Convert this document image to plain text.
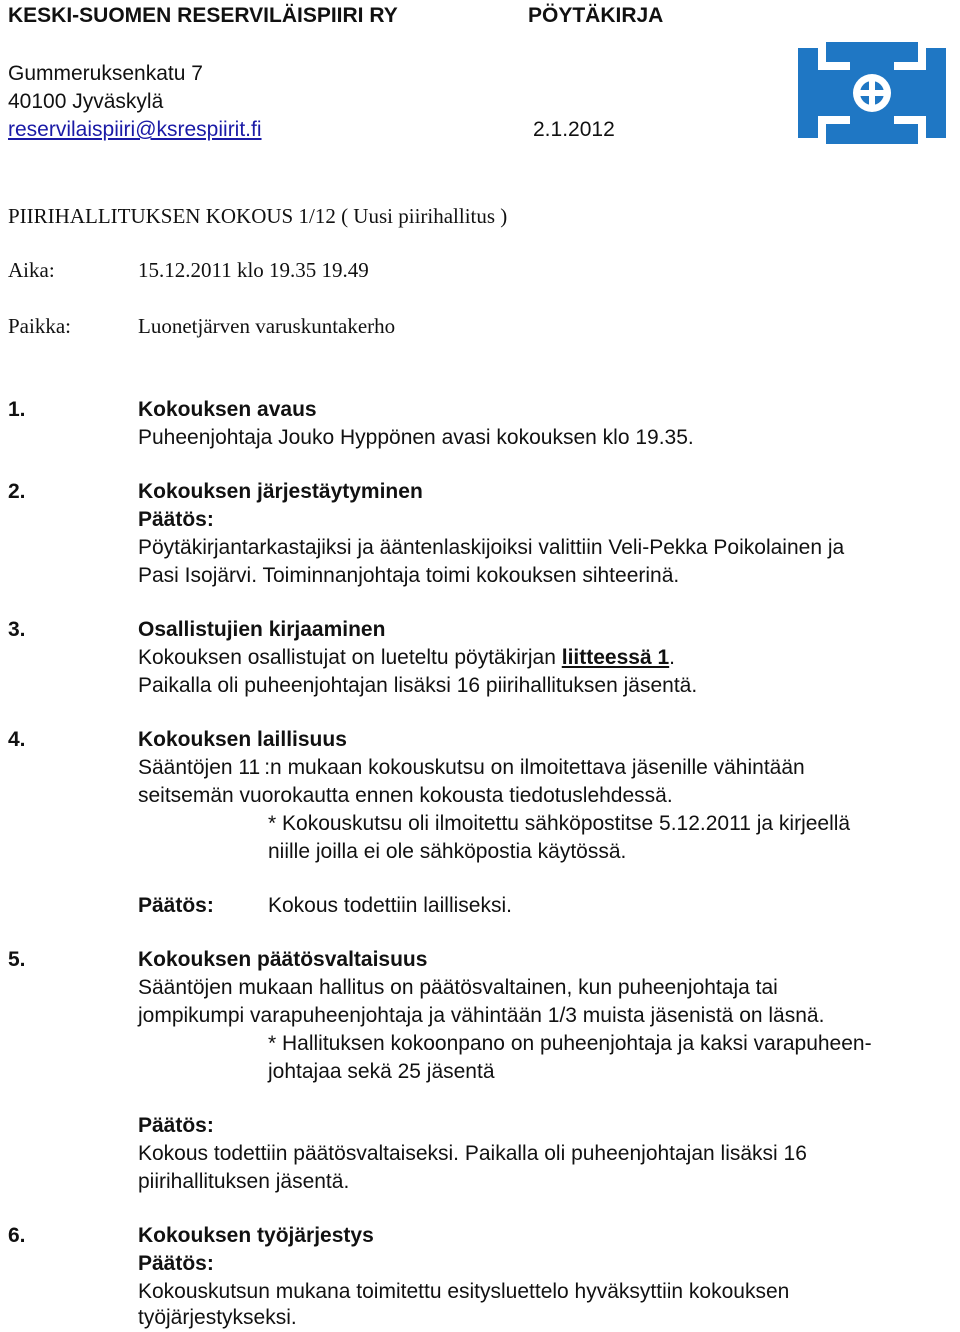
KESKI-SUOMEN RESERVILÄISPIIRI RY	PÖYTÄKIRJA
Gummeruksenkatu 7
40100 Jyväskylä
reservilaispiiri@ksrespiirit.fi	2.1.2012
PIIRIHALLITUKSEN KOKOUS 1/12 ( Uusi piirihallitus )
Aika:	15.12.2011 klo 19.35 19.49
Paikka:	Luonetjärven varuskuntakerho
1.	Kokouksen avaus
Puheenjohtaja Jouko Hyppönen avasi kokouksen klo 19.35.
2.	Kokouksen järjestäytyminen
Päätös:
Pöytäkirjantarkastajiksi ja ääntenlaskijoiksi valittiin Veli-Pekka Poikolainen ja
Pasi Isojärvi. Toiminnanjohtaja toimi kokouksen sihteerinä.
3.	Osallistujien kirjaaminen
Kokouksen osallistujat on lueteltu pöytäkirjan liitteessä 1.
Paikalla oli puheenjohtajan lisäksi 16 piirihallituksen jäsentä.
4.	Kokouksen laillisuus
Sääntöjen 11 :n mukaan kokouskutsu on ilmoitettava jäsenille vähintään
seitsemän vuorokautta ennen kokousta tiedotuslehdessä.
* Kokouskutsu oli ilmoitettu sähköpostitse 5.12.2011 ja kirjeellä
niille joilla ei ole sähköpostia käytössä.
Päätös:	Kokous todettiin lailliseksi.
5.	Kokouksen päätösvaltaisuus
Sääntöjen mukaan hallitus on päätösvaltainen, kun puheenjohtaja tai
jompikumpi varapuheenjohtaja ja vähintään 1/3 muista jäsenistä on läsnä.
* Hallituksen kokoonpano on puheenjohtaja ja kaksi varapuheen-
johtajaa sekä 25 jäsentä
Päätös:
Kokous todettiin päätösvaltaiseksi. Paikalla oli puheenjohtajan lisäksi 16
piirihallituksen jäsentä.
6.	Kokouksen työjärjestys
Päätös:
Kokouskutsun mukana toimitettu esitysluettelo hyväksyttiin kokouksen
työjärjestykseksi.
